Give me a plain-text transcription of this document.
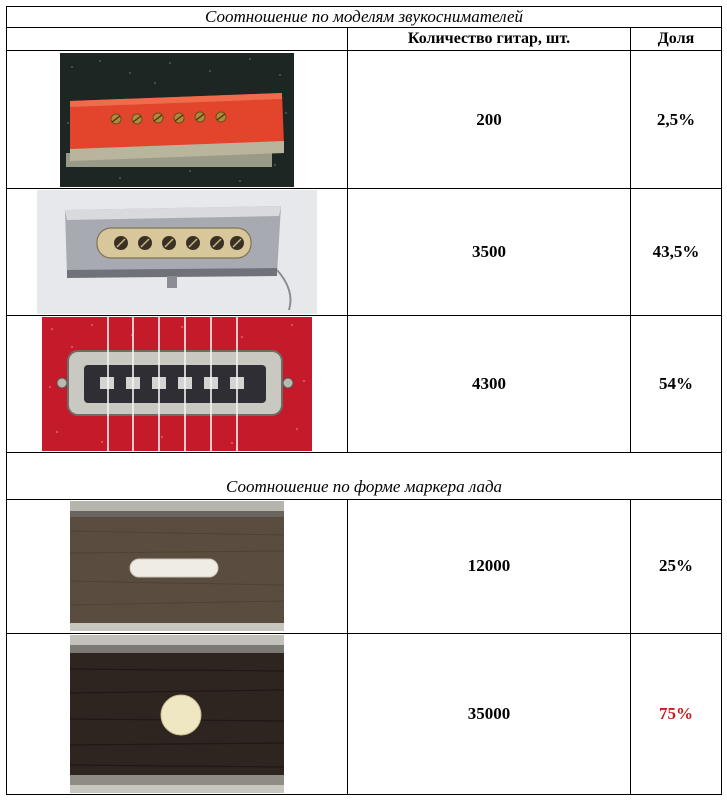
Соотношение по моделям звукоснимателей		
	Количество гитар, шт.	Доля
	200	2,5%
	3500	43,5%
	4300	54%
Соотношение по форме маркера лада		
	12000	25%
	35000	75%
